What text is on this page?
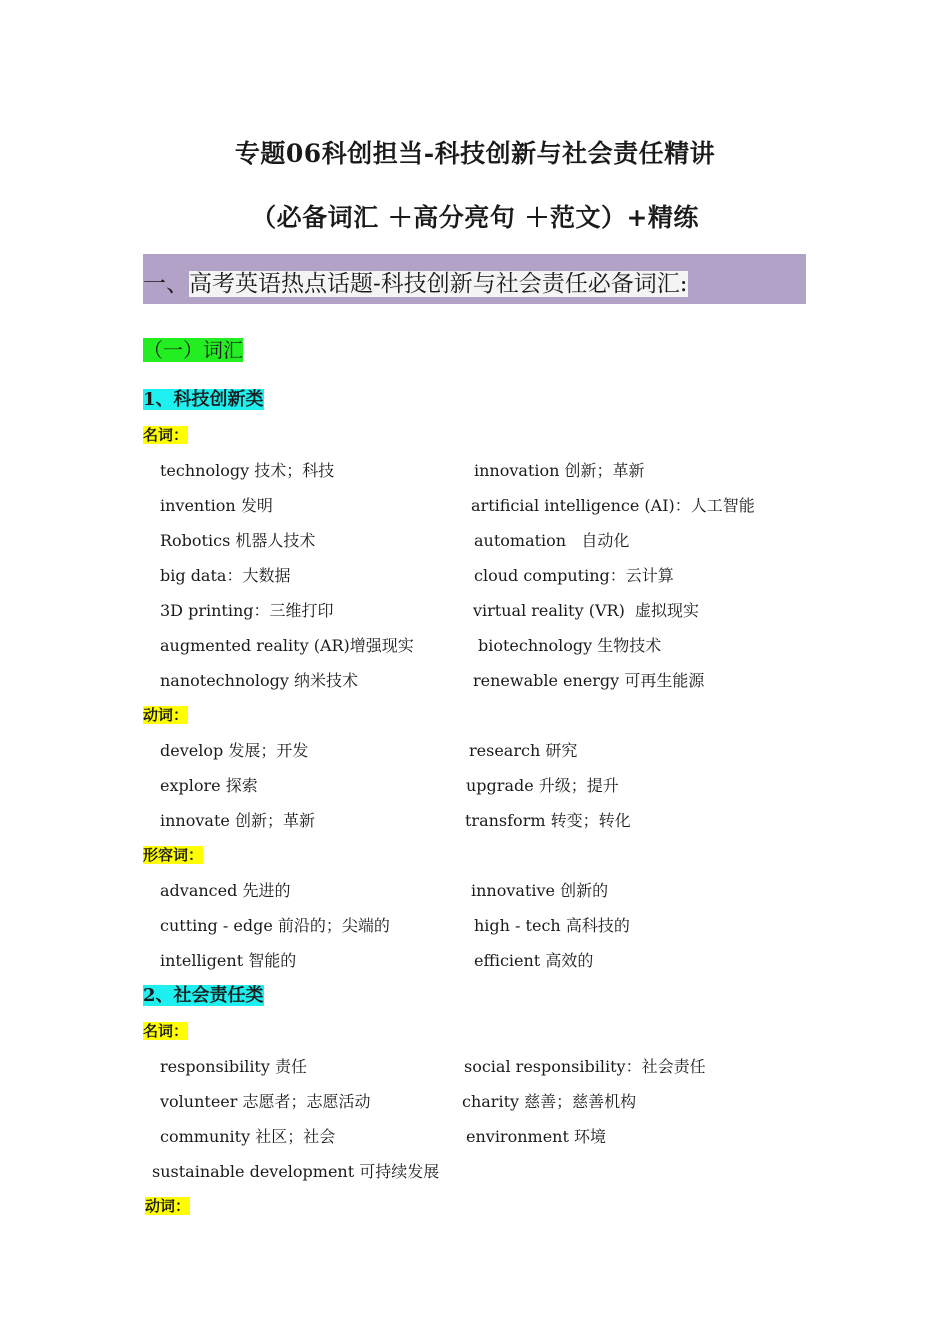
专题06科创担当-科技创新与社会责任精讲
（必备词汇 ＋高分亮句 ＋范文）+精练
一、高考英语热点话题-科技创新与社会责任必备词汇:
（一）词汇
1、科技创新类
名词：
technology 技术；科技	innovation 创新；革新
invention 发明	artificial intelligence (AI)：人工智能
Robotics 机器人技术	automation 自动化
big data：大数据	cloud computing：云计算
3D printing：三维打印	virtual reality (VR) 虚拟现实
augmented reality (AR)增强现实	biotechnology 生物技术
nanotechnology 纳米技术	renewable energy 可再生能源
动词：
develop 发展；开发	research 研究
explore 探索	upgrade 升级；提升
innovate 创新；革新	transform 转变；转化
形容词：
advanced 先进的	innovative 创新的
cutting - edge 前沿的；尖端的	high - tech 高科技的
intelligent 智能的	efficient 高效的
2、社会责任类
名词：
responsibility 责任	social responsibility：社会责任
volunteer 志愿者；志愿活动	charity 慈善；慈善机构
community 社区；社会	environment 环境
sustainable development 可持续发展
动词：
